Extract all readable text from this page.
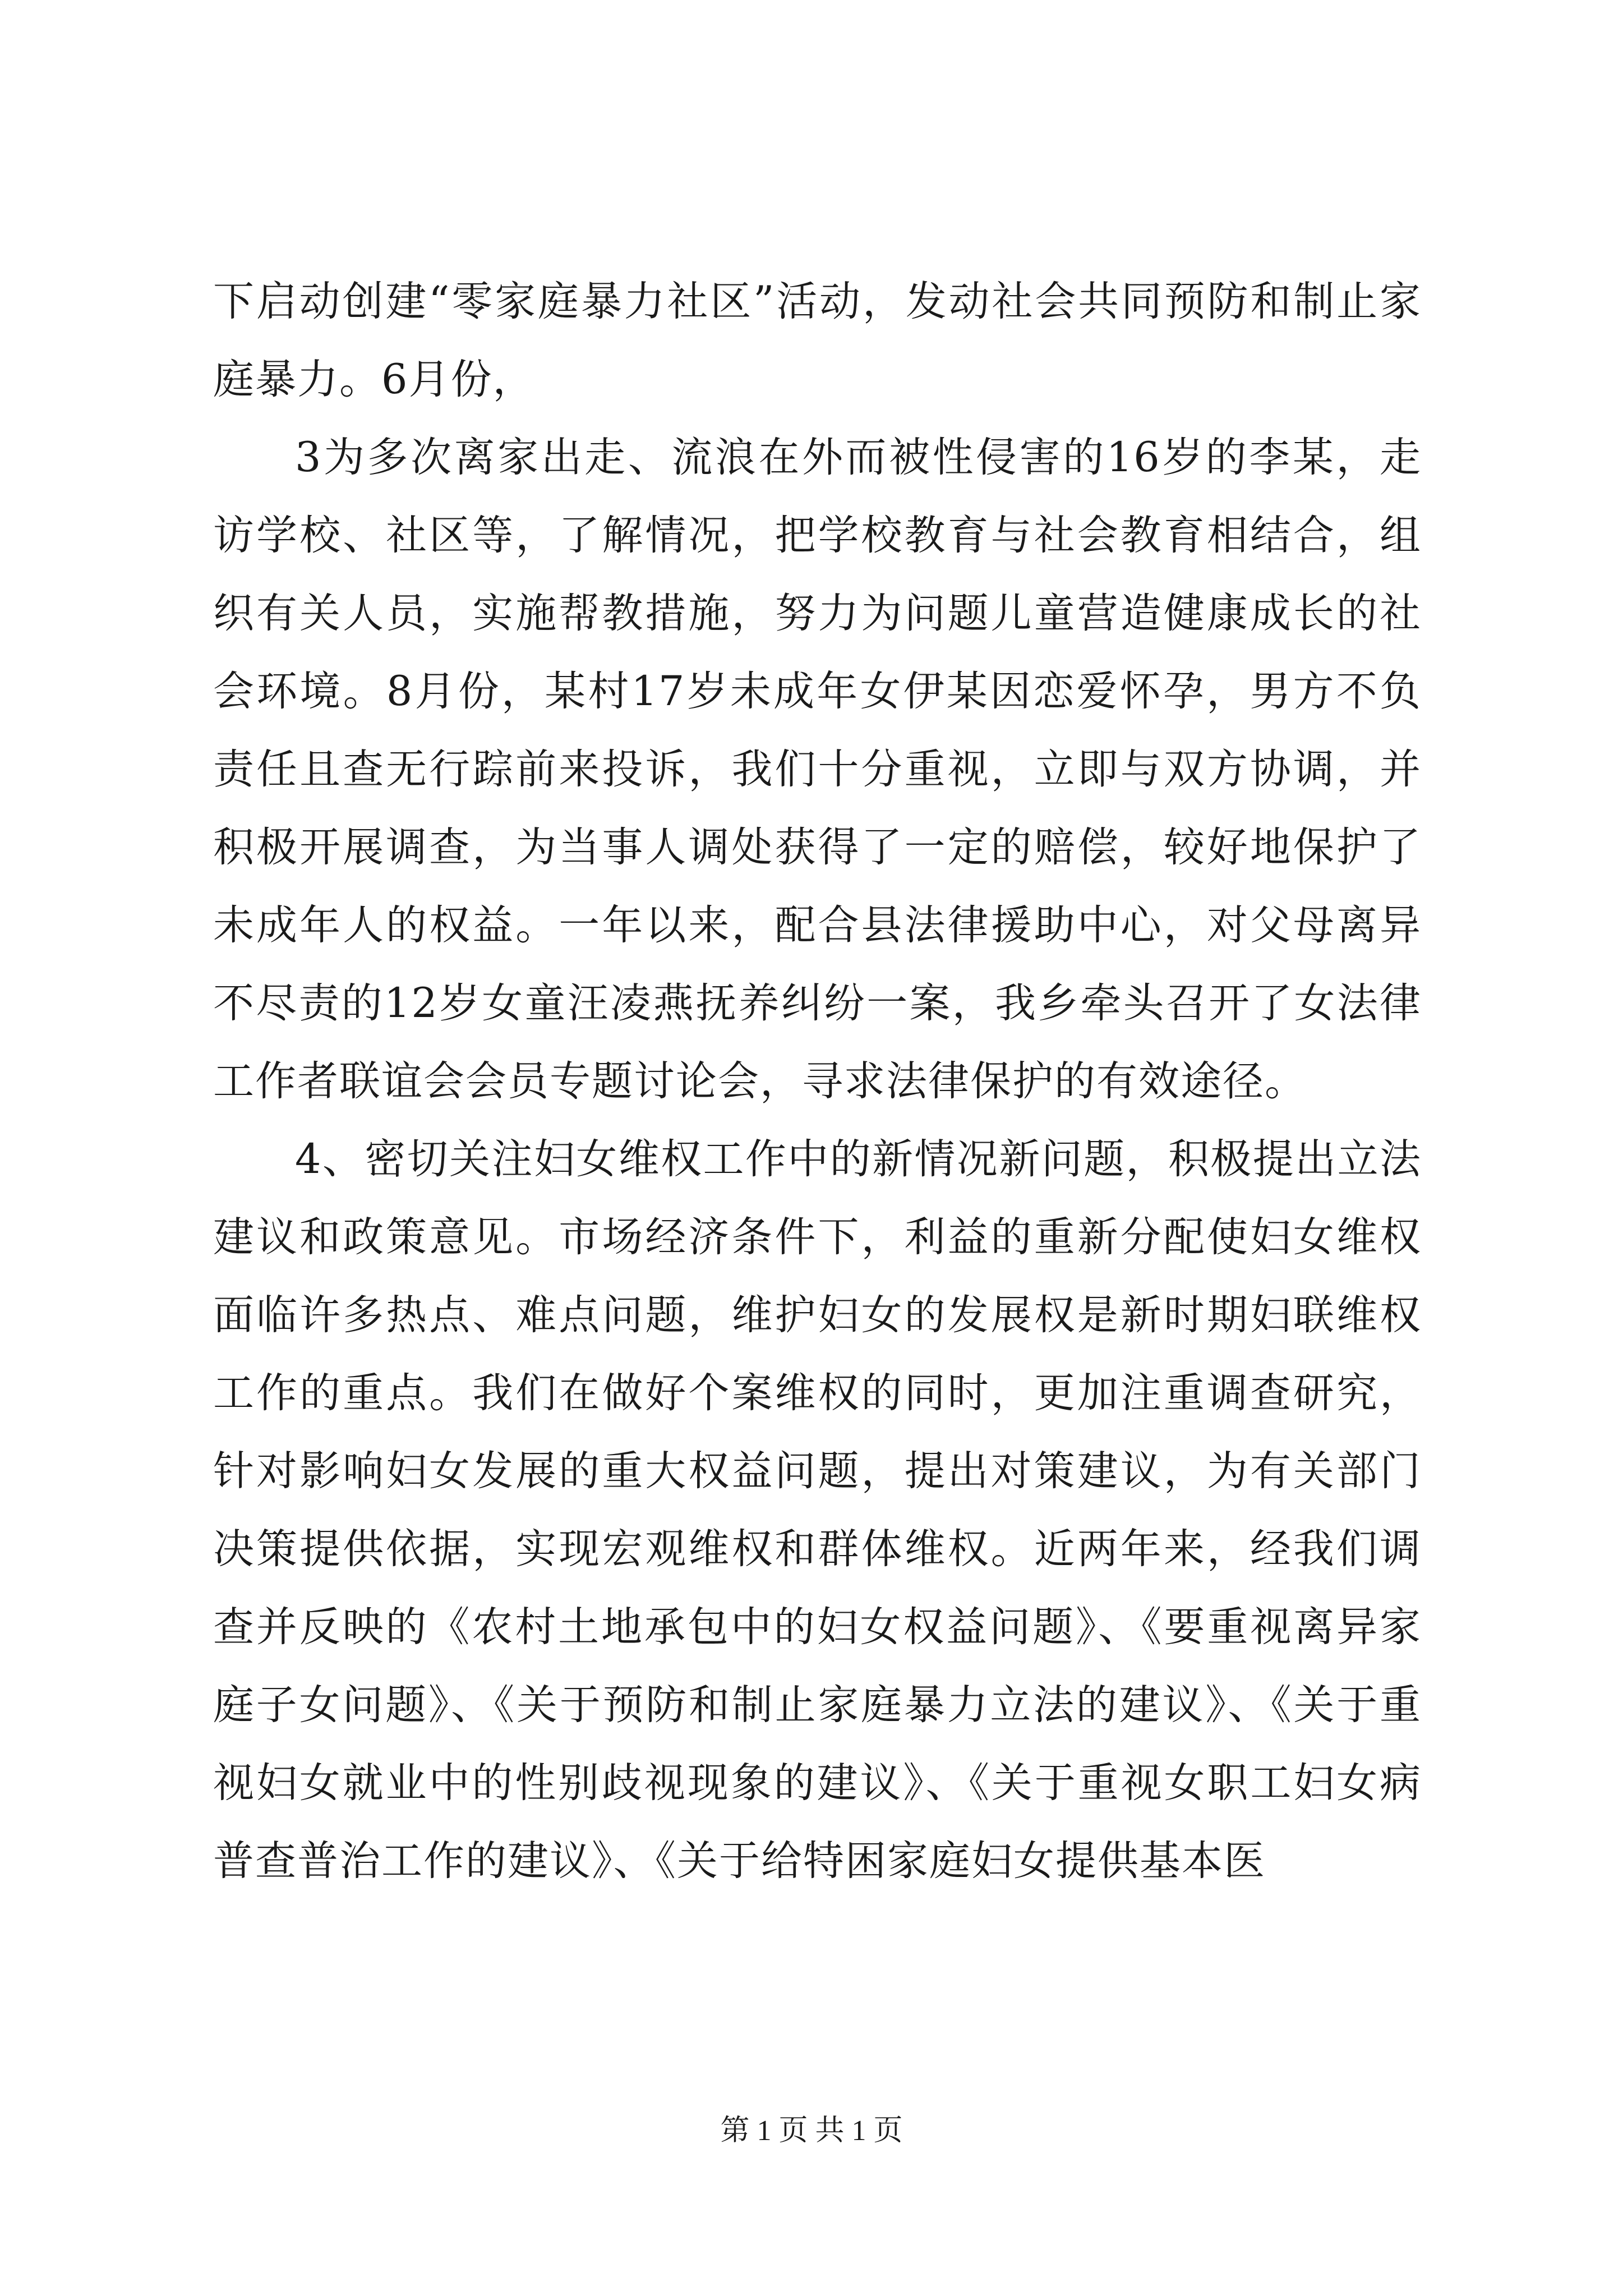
下启动创建“零家庭暴力社区”活动，发动社会共同预防和制止家庭暴力。6月份，

3为多次离家出走、流浪在外而被性侵害的16岁的李某，走访学校、社区等，了解情况，把学校教育与社会教育相结合，组织有关人员，实施帮教措施，努力为问题儿童营造健康成长的社会环境。8月份，某村17岁未成年女伊某因恋爱怀孕，男方不负责任且查无行踪前来投诉，我们十分重视，立即与双方协调，并积极开展调查，为当事人调处获得了一定的赔偿，较好地保护了未成年人的权益。一年以来，配合县法律援助中心，对父母离异不尽责的12岁女童汪凌燕抚养纠纷一案，我乡牵头召开了女法律工作者联谊会会员专题讨论会，寻求法律保护的有效途径。

4、密切关注妇女维权工作中的新情况新问题，积极提出立法建议和政策意见。市场经济条件下，利益的重新分配使妇女维权面临许多热点、难点问题，维护妇女的发展权是新时期妇联维权工作的重点。我们在做好个案维权的同时，更加注重调查研究，针对影响妇女发展的重大权益问题，提出对策建议，为有关部门决策提供依据，实现宏观维权和群体维权。近两年来，经我们调查并反映的《农村土地承包中的妇女权益问题》、《要重视离异家庭子女问题》、《关于预防和制止家庭暴力立法的建议》、《关于重视妇女就业中的性别歧视现象的建议》、《关于重视女职工妇女病普查普治工作的建议》、《关于给特困家庭妇女提供基本医

第 1 页 共 1 页
